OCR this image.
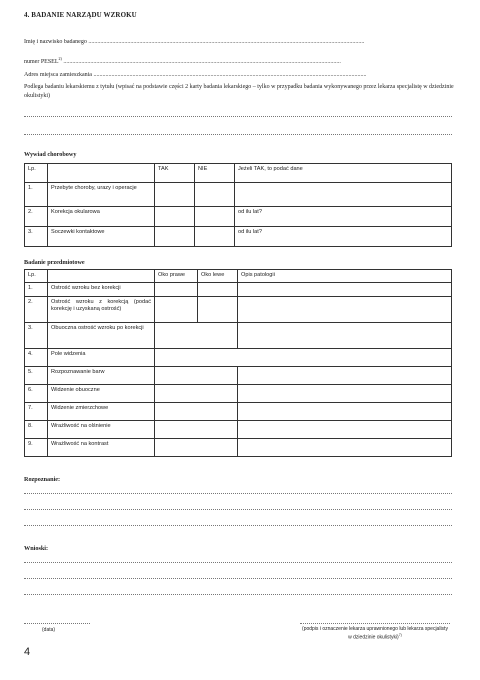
4. BADANIE NARZĄDU WZROKU
Imię i nazwisko badanego ........................................................................................................................................................................................
numer PESEL$^{2)}$ .........................................................................................................................................................................................
Adres miejsca zamieszkania ......................................................................................................................................................................................
Podlega badaniu lekarskiemu z tytułu (wpisać na podstawie części 2 karty badania lekarskiego – tylko w przypadku badania wykonywanego przez lekarza specjalistę w dziedzinie okulistyki)
Wywiad chorobowy
Lp.		TAK	NIE	Jeżeli TAK, to podać dane
1.	Przebyte choroby, urazy i operacje			
2.	Korekcja okularowa			od ilu lat?
3.	Soczewki kontaktowe			od ilu lat?
Badanie przedmiotowe
Lp.		Oko prawe	Oko lewe	Opis patologii
1.	Ostrość wzroku bez korekcji			
2.	Ostrość wzroku z korekcją (podać korekcję i uzyskaną ostrość)			
3.	Obuoczna ostrość wzroku po korekcji			
4.	Pole widzenia			
5.	Rozpoznawanie barw			
6.	Widzenie obuoczne			
7.	Widzenie zmierzchowe			
8.	Wrażliwość na olśnienie			
9.	Wrażliwość na kontrast			
Rozpoznanie:
Wnioski:
(data)	(podpis i oznaczenie lekarza uprawnionego lub lekarza specjalisty w dziedzinie okulistyki)$^{7)}$
4
